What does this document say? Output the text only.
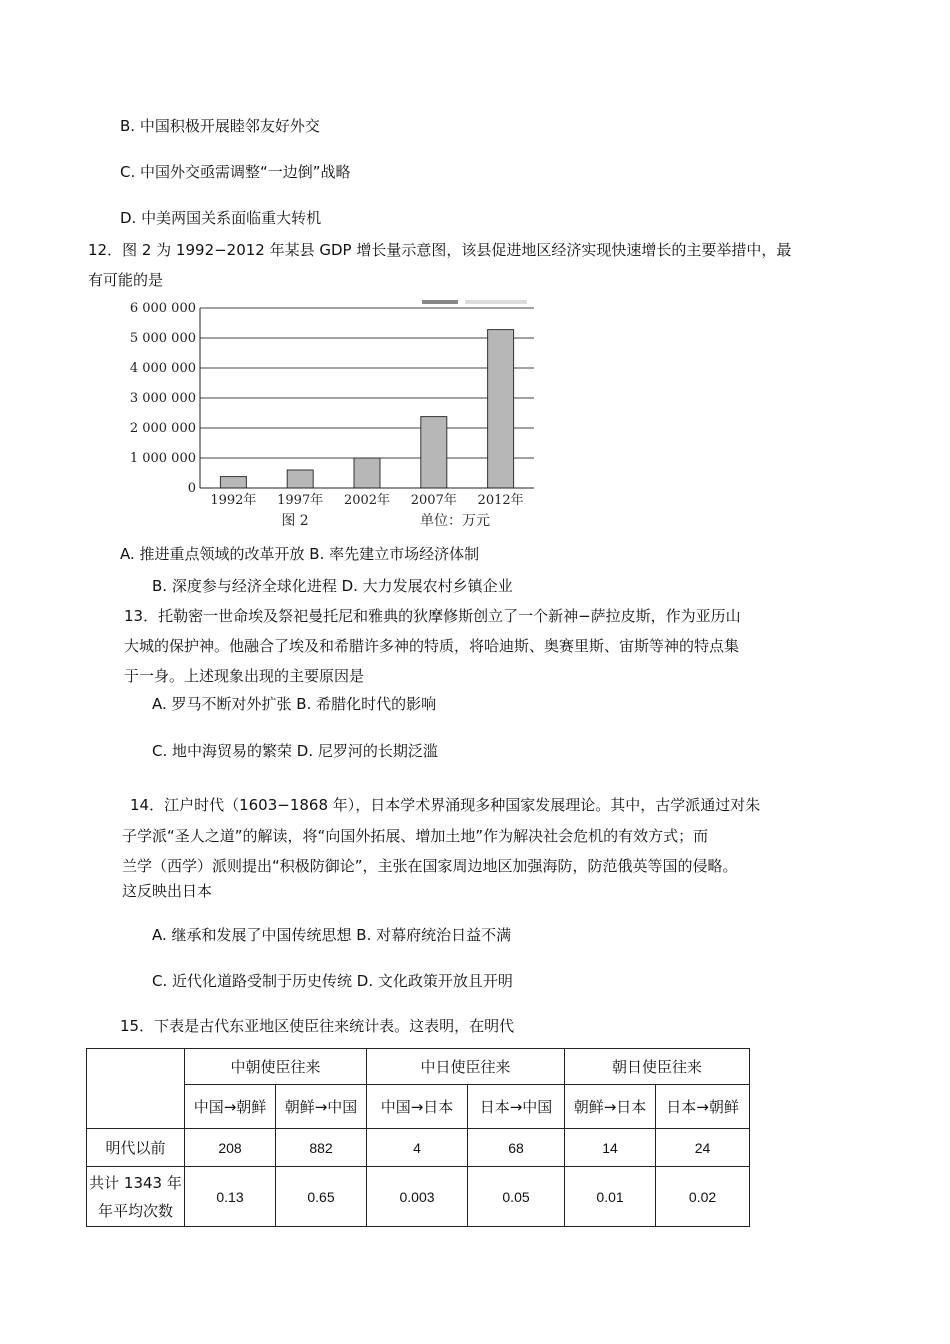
B. 中国积极开展睦邻友好外交
C. 中国外交亟需调整“一边倒”战略
D. 中美两国关系面临重大转机
12．图 2 为 1992−2012 年某县 GDP 增长量示意图，该县促进地区经济实现快速增长的主要举措中，最
有可能的是
0
1 000 000
2 000 000
3 000 000
4 000 000
5 000 000
6 000 000
1992年 1997年 2002年 2007年 2012年
图 2	单位：万元
A. 推进重点领域的改革开放 B. 率先建立市场经济体制
B. 深度参与经济全球化进程 D. 大力发展农村乡镇企业
13．托勒密一世命埃及祭祀曼托尼和雅典的狄摩修斯创立了一个新神−萨拉皮斯，作为亚历山
大城的保护神。他融合了埃及和希腊许多神的特质，将哈迪斯、奥赛里斯、宙斯等神的特点集
于一身。上述现象出现的主要原因是
A. 罗马不断对外扩张 B. 希腊化时代的影响
C. 地中海贸易的繁荣 D. 尼罗河的长期泛滥
14．江户时代（1603−1868 年），日本学术界涌现多种国家发展理论。其中，古学派通过对朱
子学派“圣人之道”的解读，将“向国外拓展、增加土地”作为解决社会危机的有效方式；而
兰学（西学）派则提出“积极防御论”，主张在国家周边地区加强海防，防范俄英等国的侵略。
这反映出日本
A. 继承和发展了中国传统思想 B. 对幕府统治日益不满
C. 近代化道路受制于历史传统 D. 文化政策开放且开明
15．下表是古代东亚地区使臣往来统计表。这表明，在明代
	中朝使臣往来		中日使臣往来		朝日使臣往来	
	中国→朝鲜	朝鲜→中国	中国→日本	日本→中国	朝鲜→日本	日本→朝鲜
明代以前	208	882	4	68	14	24

共计 1343 年
年平均次数	0.13	0.65	0.003	0.05	0.01	0.02
